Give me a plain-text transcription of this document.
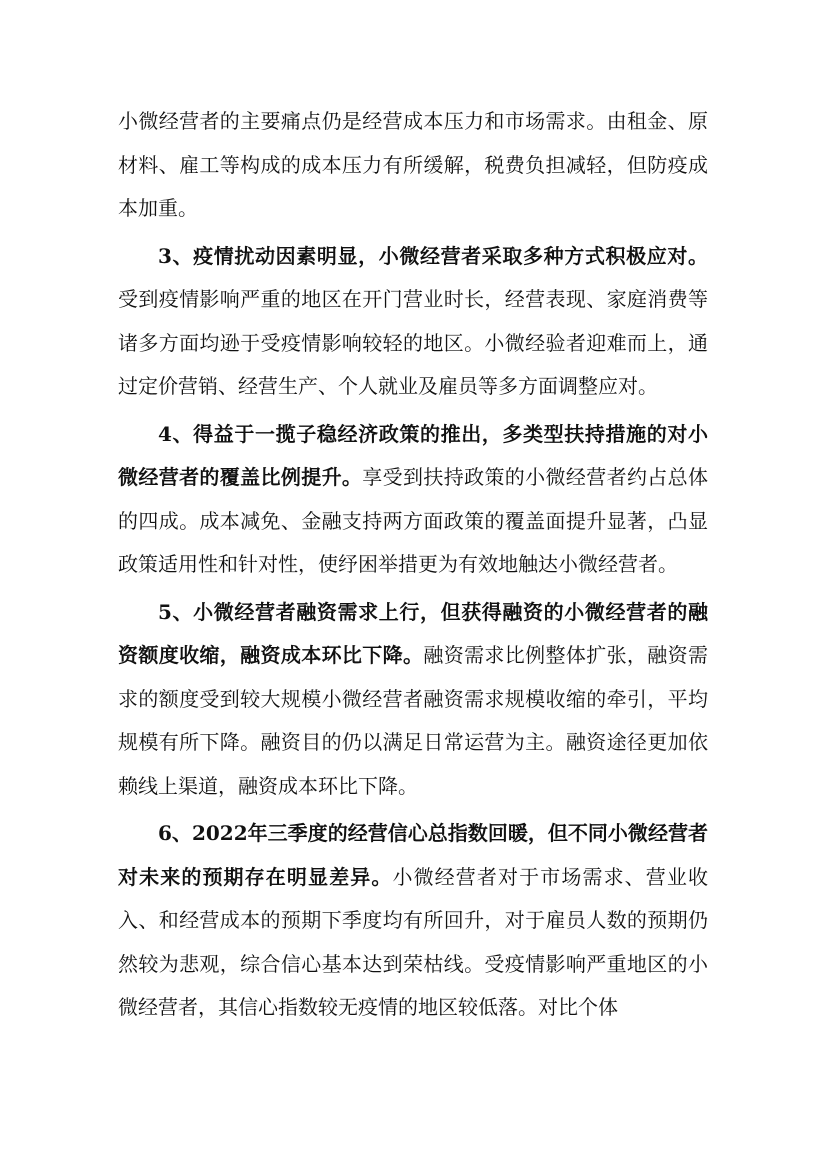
小微经营者的主要痛点仍是经营成本压力和市场需求。由租金、原材料、雇工等构成的成本压力有所缓解，税费负担减轻，但防疫成本加重。

3、疫情扰动因素明显，小微经营者采取多种方式积极应对。受到疫情影响严重的地区在开门营业时长，经营表现、家庭消费等诸多方面均逊于受疫情影响较轻的地区。小微经验者迎难而上，通过定价营销、经营生产、个人就业及雇员等多方面调整应对。

4、得益于一揽子稳经济政策的推出，多类型扶持措施的对小微经营者的覆盖比例提升。享受到扶持政策的小微经营者约占总体的四成。成本减免、金融支持两方面政策的覆盖面提升显著，凸显政策适用性和针对性，使纾困举措更为有效地触达小微经营者。

5、小微经营者融资需求上行，但获得融资的小微经营者的融资额度收缩，融资成本环比下降。融资需求比例整体扩张，融资需求的额度受到较大规模小微经营者融资需求规模收缩的牵引，平均规模有所下降。融资目的仍以满足日常运营为主。融资途径更加依赖线上渠道，融资成本环比下降。

6、2022年三季度的经营信心总指数回暖，但不同小微经营者对未来的预期存在明显差异。小微经营者对于市场需求、营业收入、和经营成本的预期下季度均有所回升，对于雇员人数的预期仍然较为悲观，综合信心基本达到荣枯线。受疫情影响严重地区的小微经营者，其信心指数较无疫情的地区较低落。对比个体
